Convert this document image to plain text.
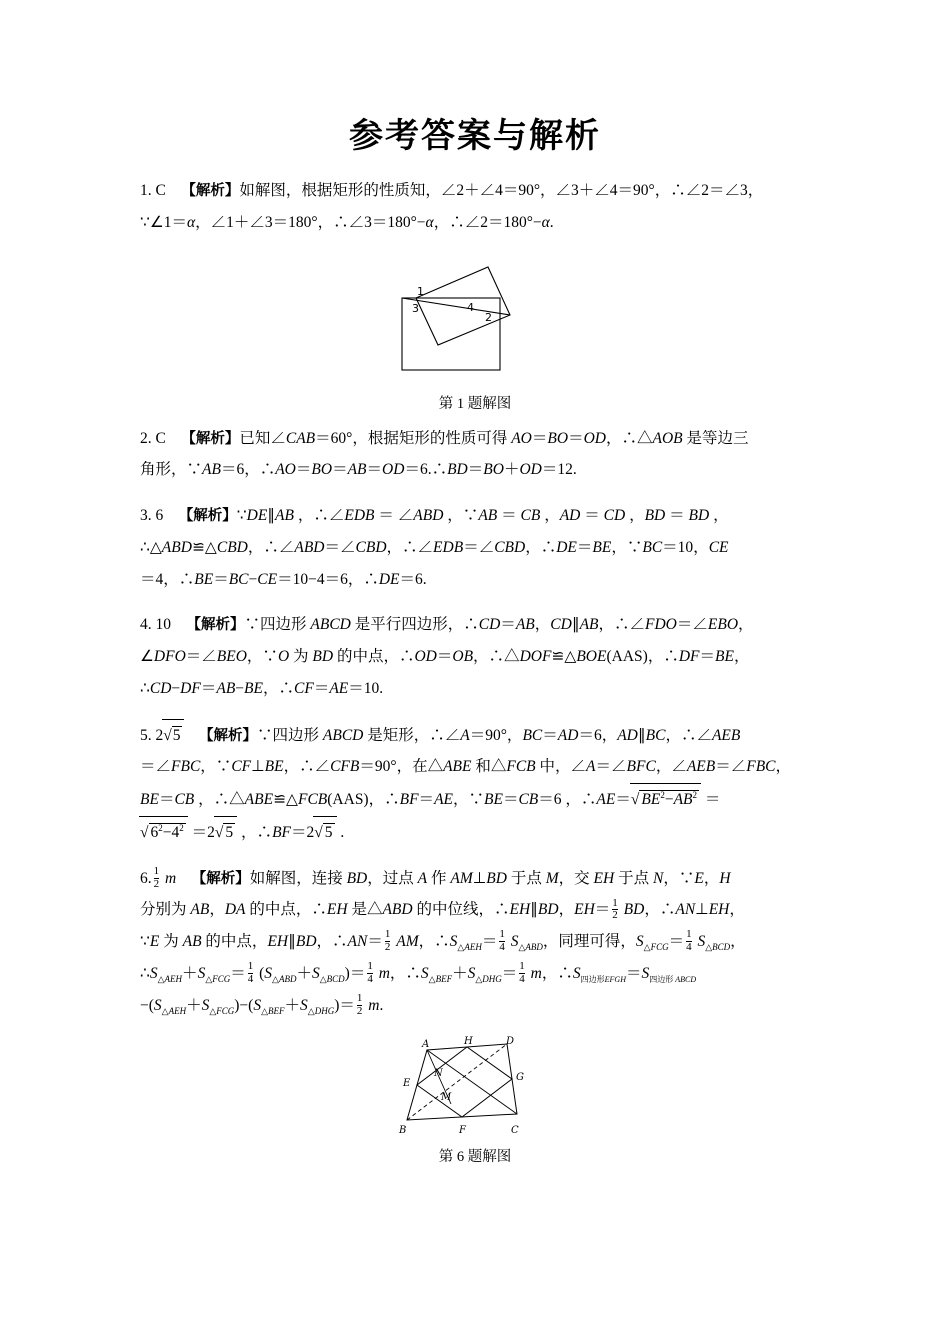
参考答案与解析
1. C 【解析】如解图，根据矩形的性质知，∠2＋∠4＝90°，∠3＋∠4＝90°，∴∠2＝∠3，
∵∠1＝α，∠1＋∠3＝180°，∴∠3＝180°−α，∴∠2＝180°−α.
1
3	4
2
第 1 题解图
2. C 【解析】已知∠CAB＝60°，根据矩形的性质可得 AO＝BO＝OD，∴△AOB 是等边三
角形，∵AB＝6，∴AO＝BO＝AB＝OD＝6.∴BD＝BO＋OD＝12.
3. 6 【解析】∵DE∥AB ，∴∠EDB ＝ ∠ABD ，∵AB ＝ CB ，AD ＝ CD ，BD ＝ BD ，
∴△ABD≌△CBD，∴∠ABD＝∠CBD，∴∠EDB＝∠CBD，∴DE＝BE，∵BC＝10，CE
＝4，∴BE＝BC−CE＝10−4＝6，∴DE＝6.
4. 10 【解析】∵四边形 ABCD 是平行四边形，∴CD＝AB，CD∥AB，∴∠FDO＝∠EBO，
∠DFO＝∠BEO，∵O 为 BD 的中点，∴OD＝OB，∴△DOF≌△BOE(AAS)，∴DF＝BE，
∴CD−DF＝AB−BE，∴CF＝AE＝10.
5. 2√5 【解析】∵四边形 ABCD 是矩形，∴∠A＝90°，BC＝AD＝6，AD∥BC，∴∠AEB
＝∠FBC，∵CF⊥BE，∴∠CFB＝90°，在△ABE 和△FCB 中，∠A＝∠BFC，∠AEB＝∠FBC，
BE＝CB ，∴△ABE≌△FCB(AAS)，∴BF＝AE，∵BE＝CB＝6 ，∴AE＝√ $BE^2-AB^2$ ＝
√ $6^2-4^2 =2√$ 5 ，∴BF＝2√ 5 .
6. $\frac{1}{2}$ m 【解析】如解图，连接 BD，过点 A 作 AM⊥BD 于点 M，交 EH 于点 N，∵E，H
分别为 AB，DA 的中点，∴EH 是△ABD 的中位线，∴EH∥BD，EH＝ 1
2 BD，∴AN⊥EH，
∵E 为 AB 的中点，EH∥BD，∴AN＝ 1
2 AM，$\therefore S_{\triangle AEH}= 1$
4 $S_{\triangle ABD}$，同理可得，$S_{\triangle FCG}= 1$
4 $S_{\triangle BCD}$，
$\therefore S_{\triangle AEH}+S_{\triangle FCG}= 1$
4 $(S_{\triangle ABD}+S_{\triangle BCD})= 1$
4 m，$\therefore S_{\triangle BEF}+S_{\triangle DHG}= 1$
4 m，$\therefore S_{四边形EFGH}=S_{四边形 ABCD}$
$-(S_{\triangle AEH}+S_{\triangle FCG})-(S_{\triangle BEF}+S_{\triangle DHG})= 1$
2 m.
A	H	D
E
N	G
M
B	F	C
第 6 题解图
